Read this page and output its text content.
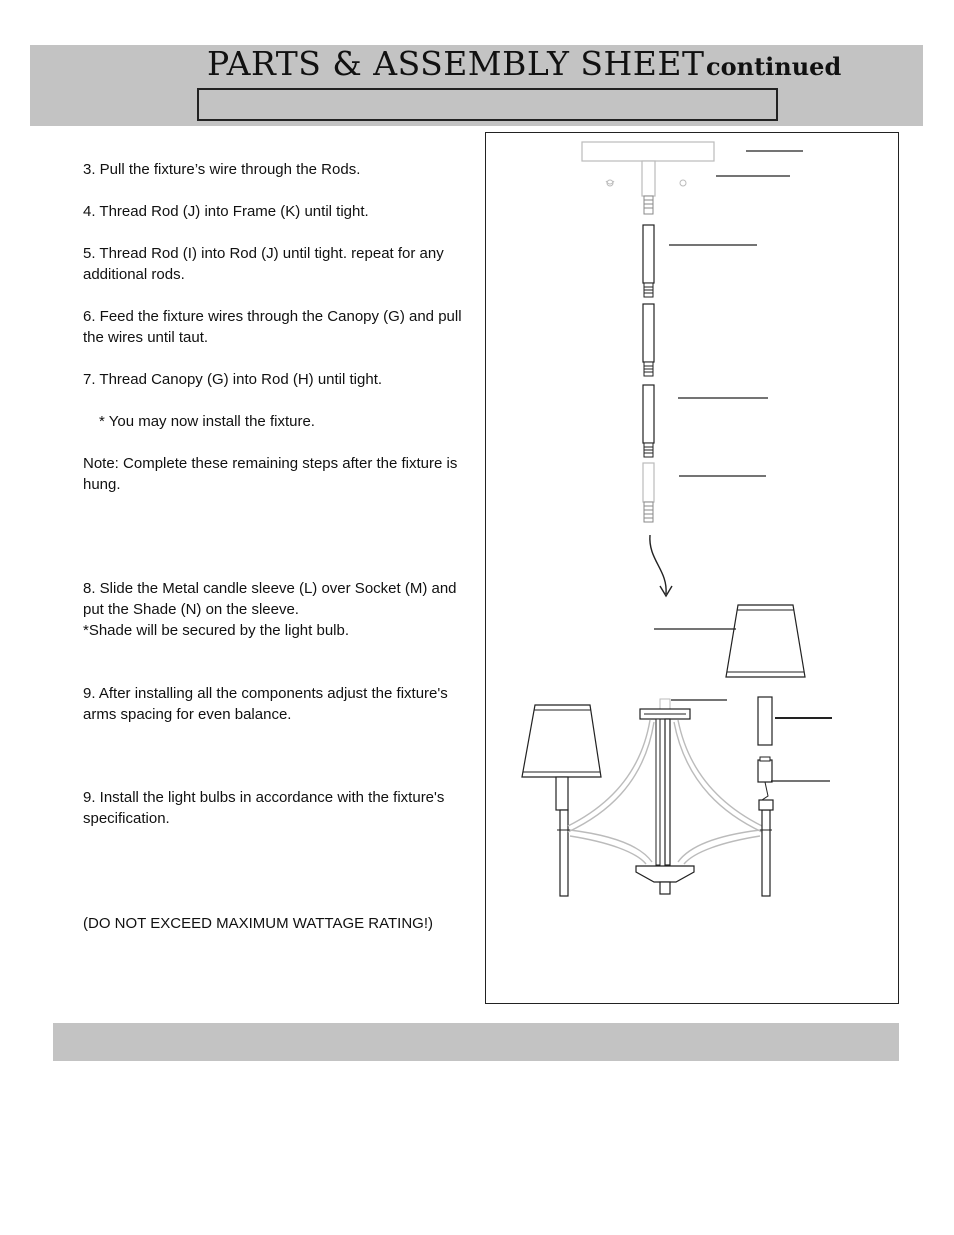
PARTS & ASSEMBLY SHEET continued
3. Pull the fixture’s wire through the Rods.
4. Thread Rod (J) into Frame (K) until tight.
5. Thread Rod (I) into Rod (J) until tight. repeat for any additional rods.
6. Feed the fixture wires through the Canopy (G) and pull the wires until taut.
7. Thread Canopy (G) into Rod (H) until tight.
* You may now install the fixture.
Note: Complete these remaining steps after the fixture is hung.
8. Slide the Metal candle sleeve (L) over Socket (M) and put the Shade (N) on the sleeve.
*Shade will be secured by the light bulb.
9. After installing all the components adjust the fixture's arms spacing for even balance.
9. Install the light bulbs in accordance with the fixture's specification.
(DO NOT EXCEED MAXIMUM WATTAGE RATING!)
